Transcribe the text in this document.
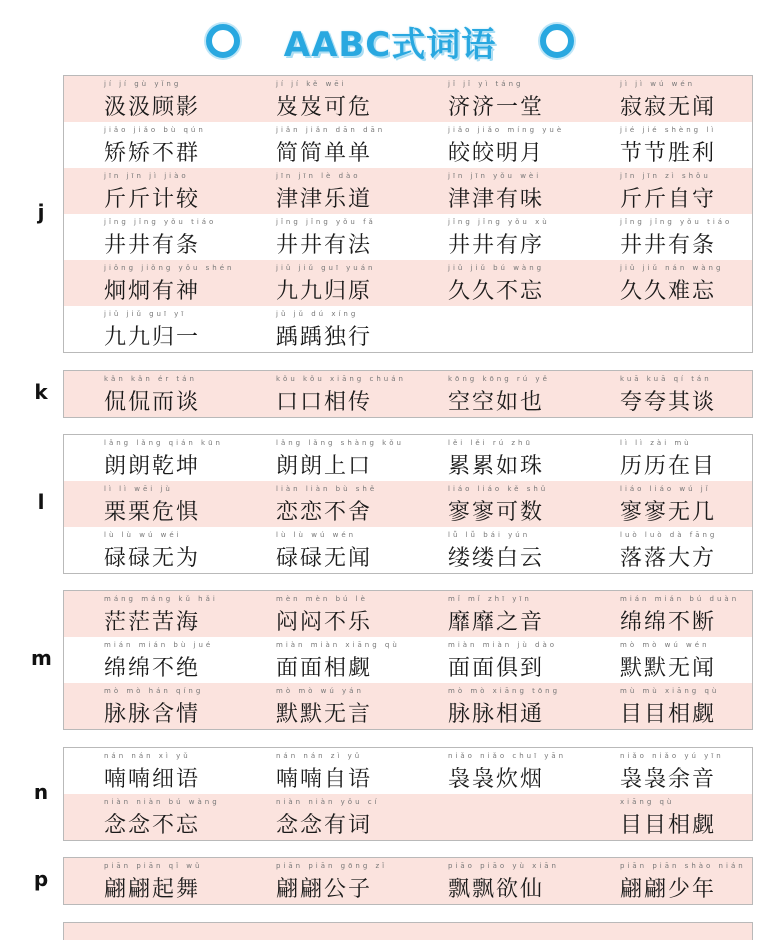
AABC式词语
j
jí jí gù yǐng
汲汲顾影
jí jí kě wēi
岌岌可危
jǐ jǐ yì táng
济济一堂
jì jì wú wén
寂寂无闻
jiǎo jiǎo bù qún
矫矫不群
jiǎn jiǎn dān dān
简简单单
jiǎo jiǎo míng yuè
皎皎明月
jié jié shèng lì
节节胜利
jīn jīn jì jiào
斤斤计较
jīn jīn lè dào
津津乐道
jīn jīn yǒu wèi
津津有味
jīn jīn zì shǒu
斤斤自守
jǐng jǐng yǒu tiáo
井井有条
jǐng jǐng yǒu fǎ
井井有法
jǐng jǐng yǒu xù
井井有序
jǐng jǐng yǒu tiáo
井井有条
jiǒng jiǒng yǒu shén
炯炯有神
jiǔ jiǔ guī yuán
九九归原
jiǔ jiǔ bú wàng
久久不忘
jiǔ jiǔ nán wàng
久久难忘
jiǔ jiǔ guī yī
九九归一
jǔ jǔ dú xíng
踽踽独行
k
kǎn kǎn ér tán
侃侃而谈
kǒu kǒu xiāng chuán
口口相传
kōng kōng rú yě
空空如也
kuā kuā qí tán
夸夸其谈
l
lǎng lǎng qián kūn
朗朗乾坤
lǎng lǎng shàng kǒu
朗朗上口
lěi lěi rú zhū
累累如珠
lì lì zài mù
历历在目
lì lì wēi jù
栗栗危惧
liàn liàn bù shě
恋恋不舍
liáo liáo kě shǔ
寥寥可数
liáo liáo wú jǐ
寥寥无几
lù lù wú wéi
碌碌无为
lù lù wú wén
碌碌无闻
lǚ lǚ bái yún
缕缕白云
luò luò dà fāng
落落大方
m
máng máng kǔ hǎi
茫茫苦海
mèn mèn bú lè
闷闷不乐
mǐ mǐ zhī yīn
靡靡之音
mián mián bú duàn
绵绵不断
mián mián bù jué
绵绵不绝
miàn miàn xiāng qù
面面相觑
miàn miàn jù dào
面面俱到
mò mò wú wén
默默无闻
mò mò hán qíng
脉脉含情
mò mò wú yán
默默无言
mò mò xiāng tōng
脉脉相通
mù mù xiāng qù
目目相觑
n
nán nán xì yǔ
喃喃细语
nán nán zì yǔ
喃喃自语
niǎo niǎo chuī yān
袅袅炊烟
niǎo niǎo yú yīn
袅袅余音
niàn niàn bú wàng
念念不忘
niàn niàn yǒu cí
念念有词
xiāng qù
目目相觑
p
piān piān qǐ wǔ
翩翩起舞
piān piān gōng zǐ
翩翩公子
piāo piāo yù xiān
飘飘欲仙
piān piān shào nián
翩翩少年
